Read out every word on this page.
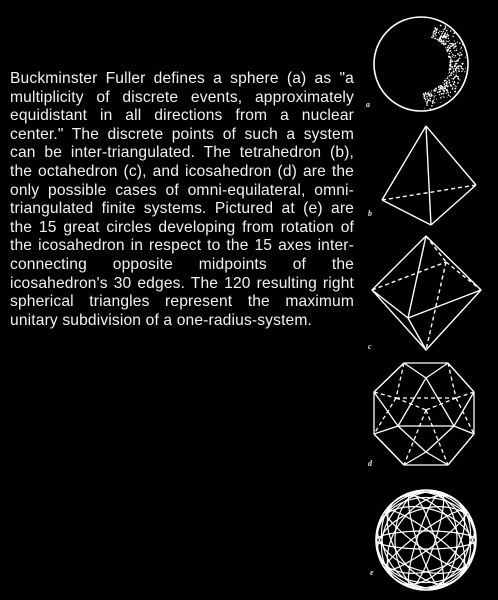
Buckminster Fuller defines a sphere (a) as "a multiplicity of discrete events, approximately equidistant in all directions from a nuclear center." The discrete points of such a system can be inter-triangulated. The tetrahedron (b), the octahedron (c), and icosahedron (d) are the only possible cases of omni-equilateral, omni-triangulated finite systems. Pictured at (e) are the 15 great circles developing from rotation of the icosahedron in respect to the 15 axes inter-connecting opposite midpoints of the icosahedron's 30 edges. The 120 resulting right spherical triangles represent the maximum unitary subdivision of a one-radius-system.

a
b
c
d
e
